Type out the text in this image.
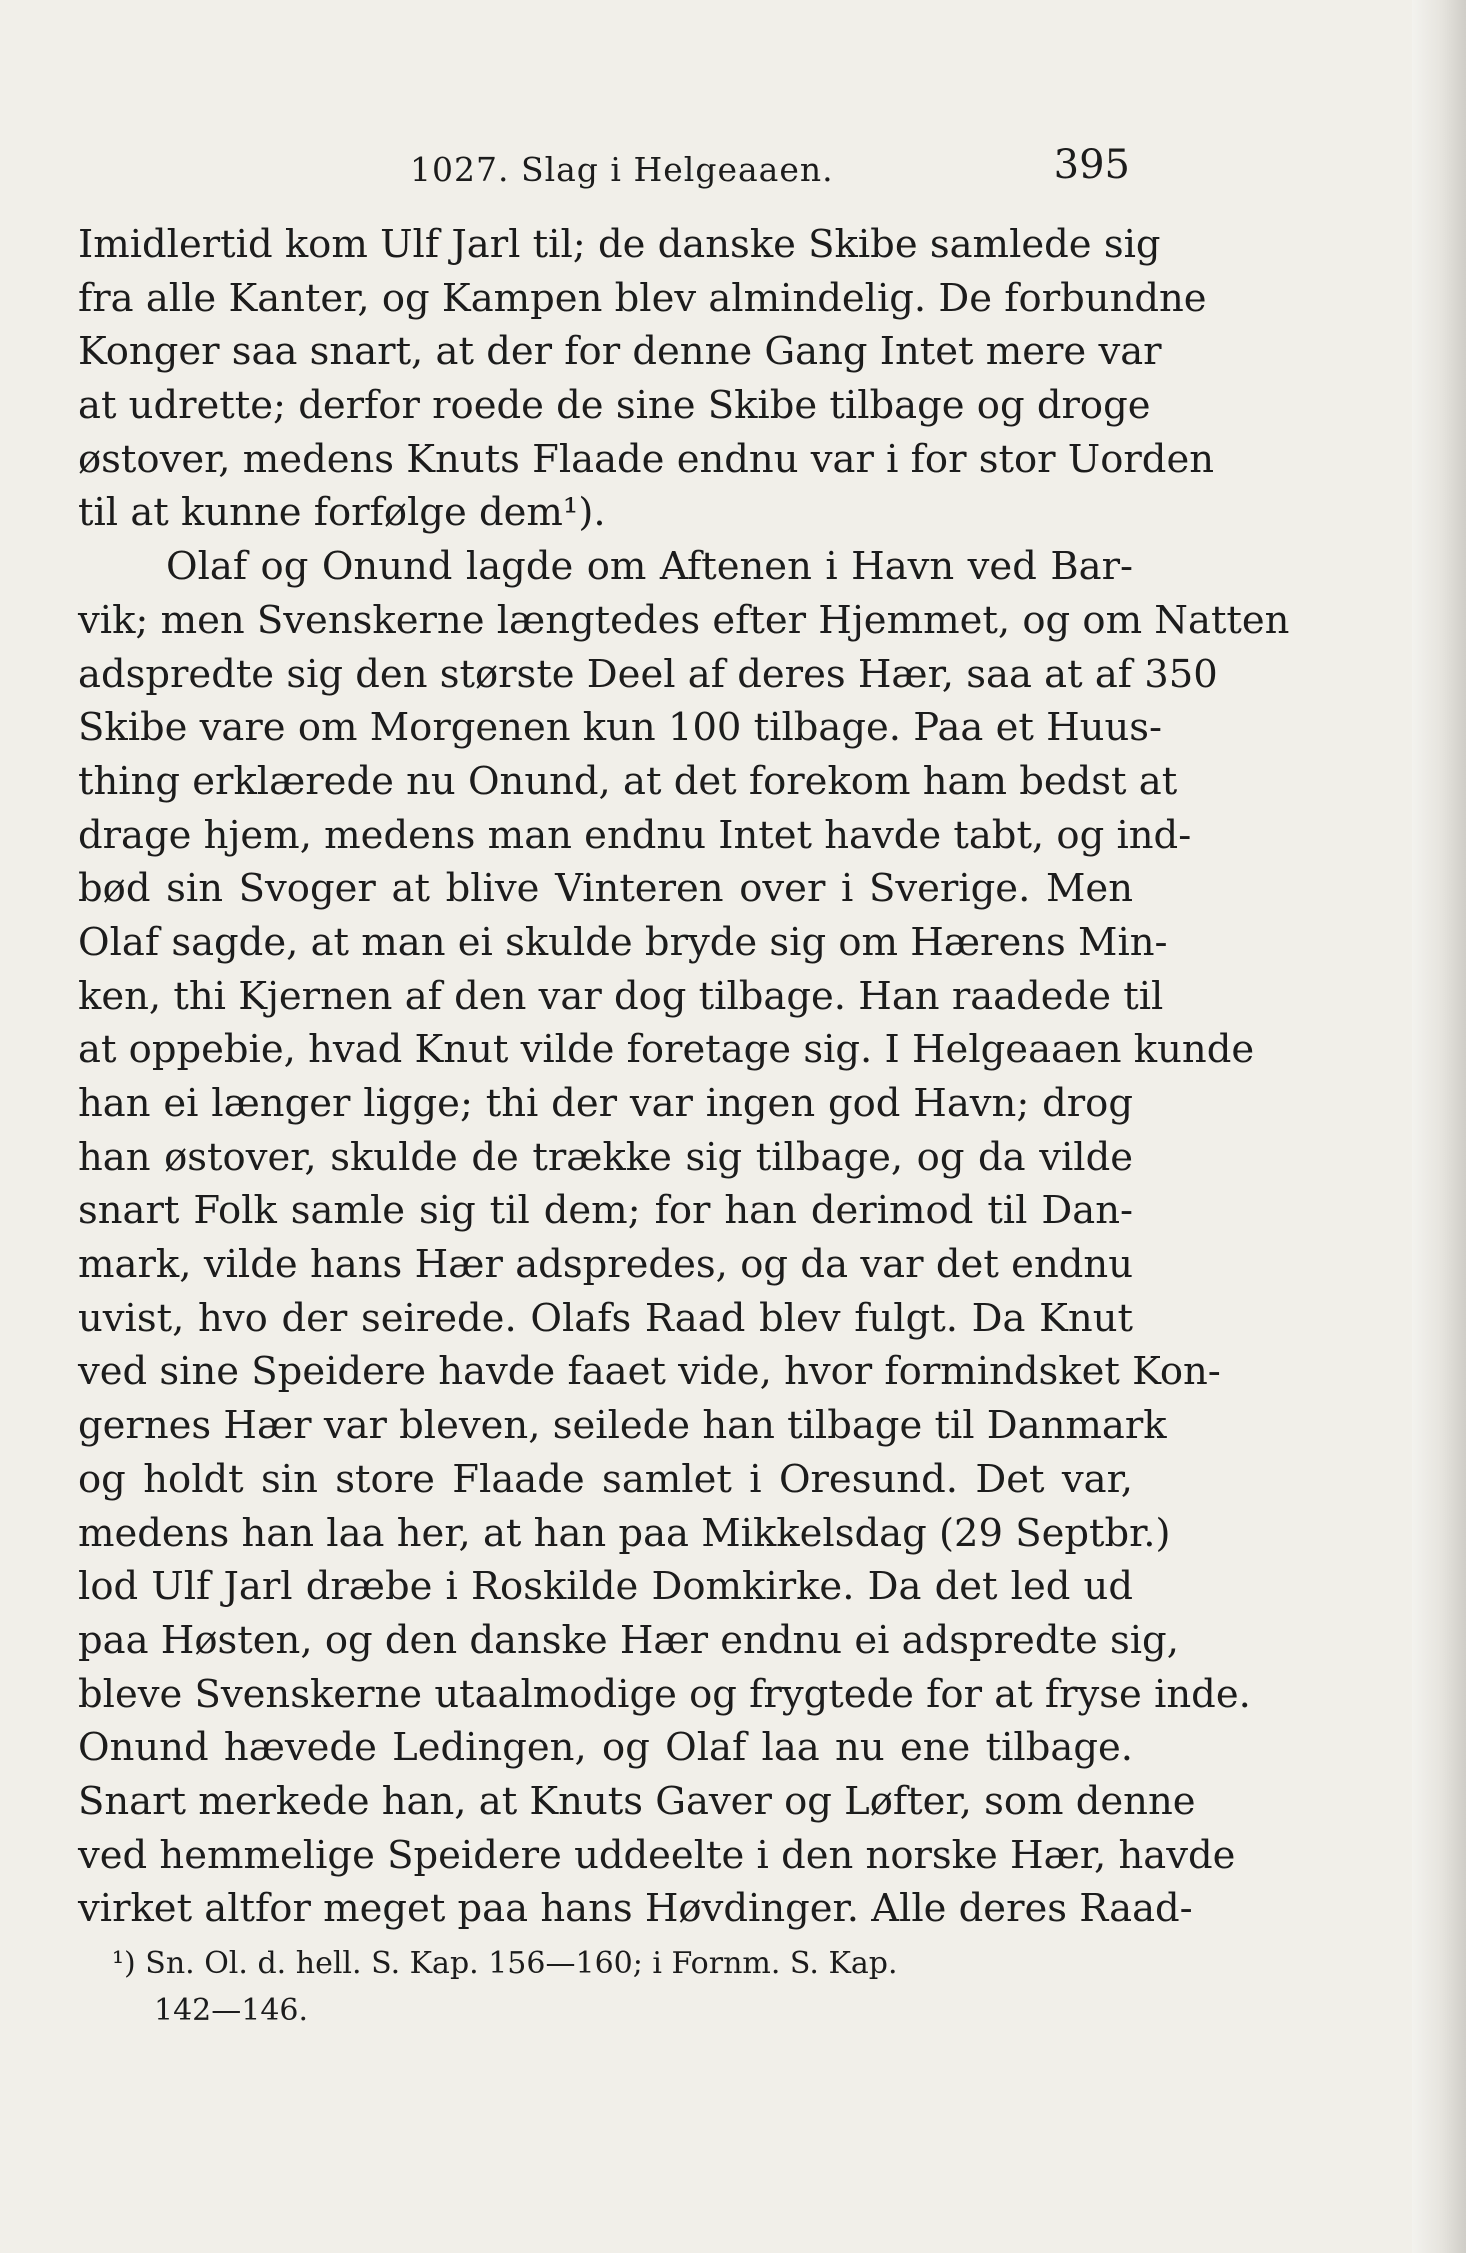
1027. Slag i Helgeaaen.	395
Imidlertid kom Ulf Jarl til; de danske Skibe samlede sig
fra alle Kanter, og Kampen blev almindelig. De forbundne
Konger saa snart, at der for denne Gang Intet mere var
at udrette; derfor roede de sine Skibe tilbage og droge
østover, medens Knuts Flaade endnu var i for stor Uorden
til at kunne forfølge dem¹).
Olaf og Onund lagde om Aftenen i Havn ved Bar-
vik; men Svenskerne længtedes efter Hjemmet, og om Natten
adspredte sig den største Deel af deres Hær, saa at af 350
Skibe vare om Morgenen kun 100 tilbage. Paa et Huus-
thing erklærede nu Onund, at det forekom ham bedst at
drage hjem, medens man endnu Intet havde tabt, og ind-
bød sin Svoger at blive Vinteren over i Sverige. Men
Olaf sagde, at man ei skulde bryde sig om Hærens Min-
ken, thi Kjernen af den var dog tilbage. Han raadede til
at oppebie, hvad Knut vilde foretage sig. I Helgeaaen kunde
han ei længer ligge; thi der var ingen god Havn; drog
han østover, skulde de trække sig tilbage, og da vilde
snart Folk samle sig til dem; for han derimod til Dan-
mark, vilde hans Hær adspredes, og da var det endnu
uvist, hvo der seirede. Olafs Raad blev fulgt. Da Knut
ved sine Speidere havde faaet vide, hvor formindsket Kon-
gernes Hær var bleven, seilede han tilbage til Danmark
og holdt sin store Flaade samlet i Oresund. Det var,
medens han laa her, at han paa Mikkelsdag (29 Septbr.)
lod Ulf Jarl dræbe i Roskilde Domkirke. Da det led ud
paa Høsten, og den danske Hær endnu ei adspredte sig,
bleve Svenskerne utaalmodige og frygtede for at fryse inde.
Onund hævede Ledingen, og Olaf laa nu ene tilbage.
Snart merkede han, at Knuts Gaver og Løfter, som denne
ved hemmelige Speidere uddeelte i den norske Hær, havde
virket altfor meget paa hans Høvdinger. Alle deres Raad-
¹) Sn. Ol. d. hell. S. Kap. 156—160; i Fornm. S. Kap.
142—146.
